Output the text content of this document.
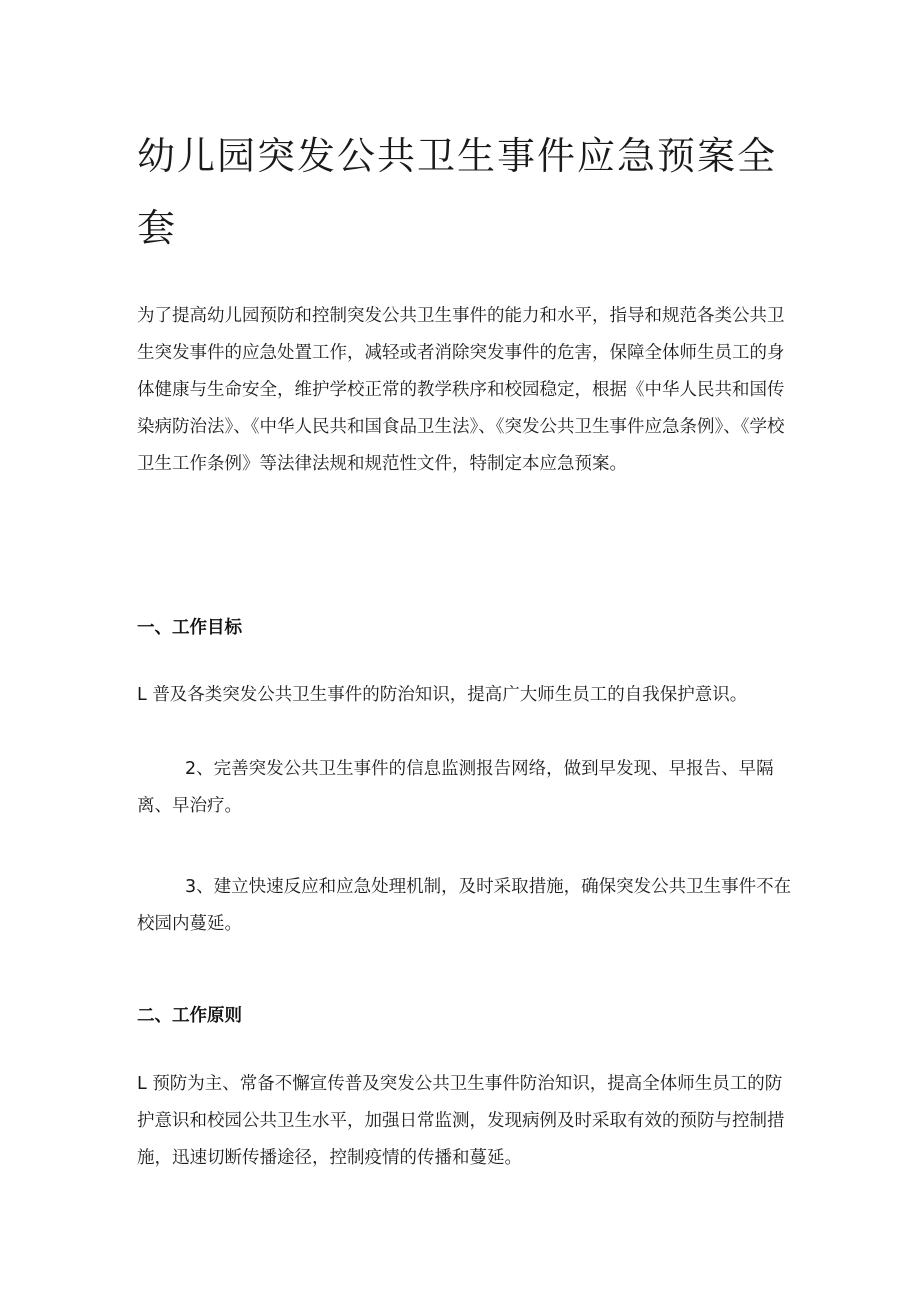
幼儿园突发公共卫生事件应急预案全套

为了提高幼儿园预防和控制突发公共卫生事件的能力和水平，指导和规范各类公共卫生突发事件的应急处置工作，减轻或者消除突发事件的危害，保障全体师生员工的身体健康与生命安全，维护学校正常的教学秩序和校园稳定，根据《中华人民共和国传染病防治法》、《中华人民共和国食品卫生法》、《突发公共卫生事件应急条例》、《学校卫生工作条例》等法律法规和规范性文件，特制定本应急预案。

一、工作目标

L 普及各类突发公共卫生事件的防治知识，提高广大师生员工的自我保护意识。

2、完善突发公共卫生事件的信息监测报告网络，做到早发现、早报告、早隔离、早治疗。

3、建立快速反应和应急处理机制，及时采取措施，确保突发公共卫生事件不在校园内蔓延。

二、工作原则

L 预防为主、常备不懈宣传普及突发公共卫生事件防治知识，提高全体师生员工的防护意识和校园公共卫生水平，加强日常监测，发现病例及时采取有效的预防与控制措施，迅速切断传播途径，控制疫情的传播和蔓延。
